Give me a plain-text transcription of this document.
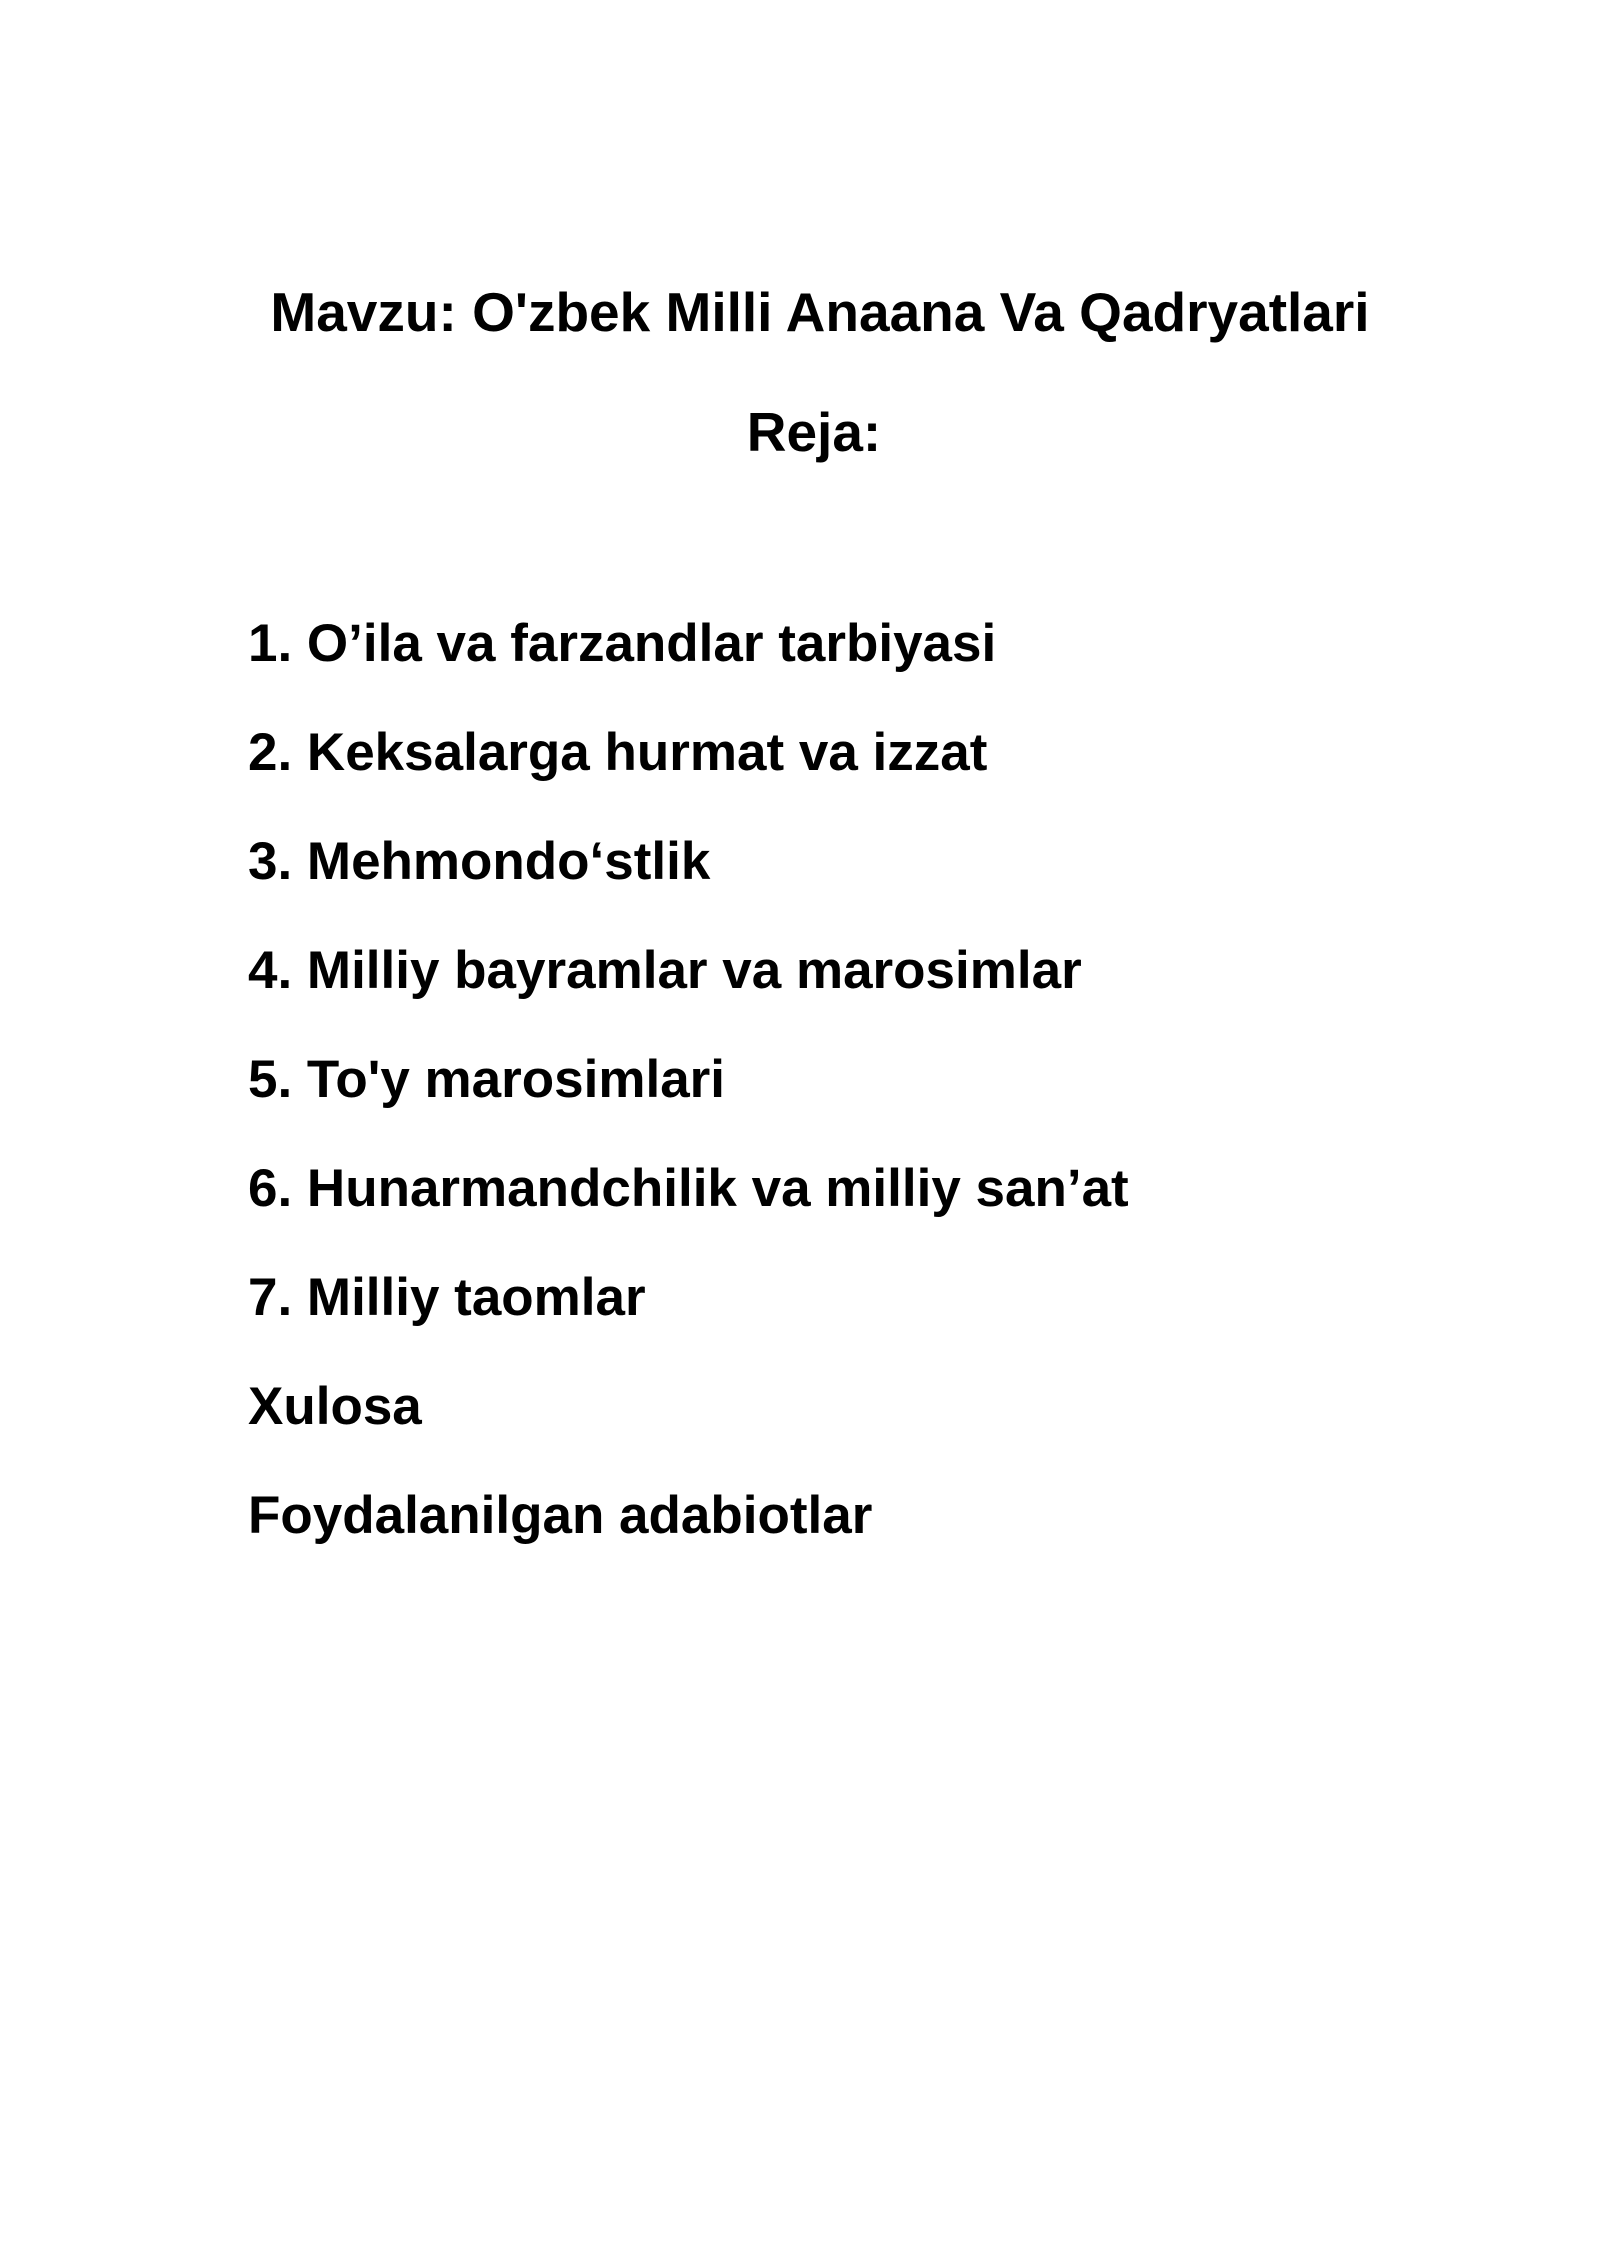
Mavzu: O'zbek Milli Anaana Va Qadryatlari
Reja:
1. O’ila va farzandlar tarbiyasi
2. Keksalarga hurmat va izzat
3. Mehmondo‘stlik
4. Milliy bayramlar va marosimlar
5. To'y marosimlari
6. Hunarmandchilik va milliy san’at
7. Milliy taomlar
Xulosa
Foydalanilgan adabiotlar
